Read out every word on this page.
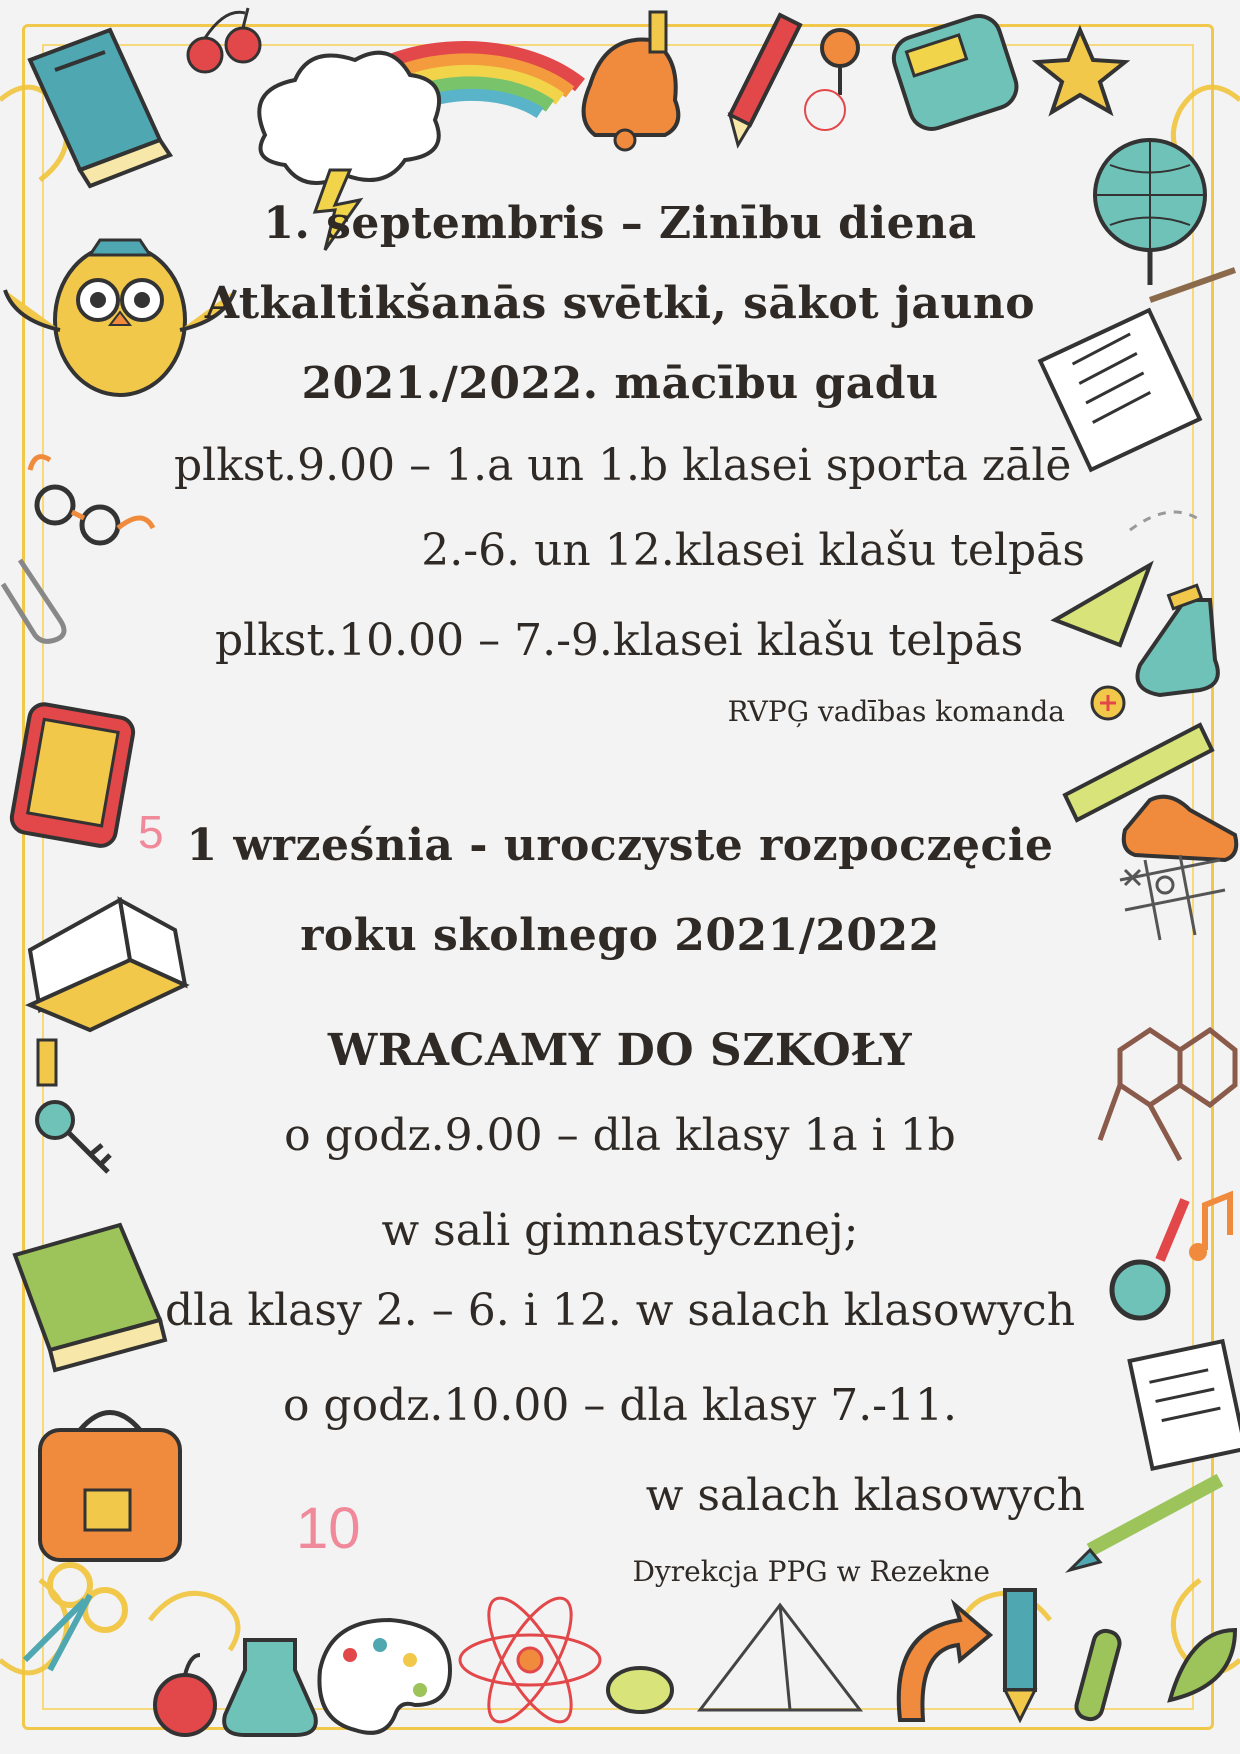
5
10

1. septembris – Zinību diena

Atkaltikšanās svētki, sākot jauno

2021./2022. mācību gadu

plkst.9.00 – 1.a un 1.b klasei sporta zālē

2.-6. un 12.klasei klašu telpās

plkst.10.00 – 7.-9.klasei klašu telpās

RVPĢ vadības komanda

1 września - uroczyste rozpoczęcie

roku skolnego 2021/2022

WRACAMY DO SZKOŁY

o godz.9.00 – dla klasy 1a i 1b

w sali gimnastycznej;

dla klasy 2. – 6. i 12. w salach klasowych

o godz.10.00 – dla klasy 7.-11.

w salach klasowych

Dyrekcja PPG w Rezekne
